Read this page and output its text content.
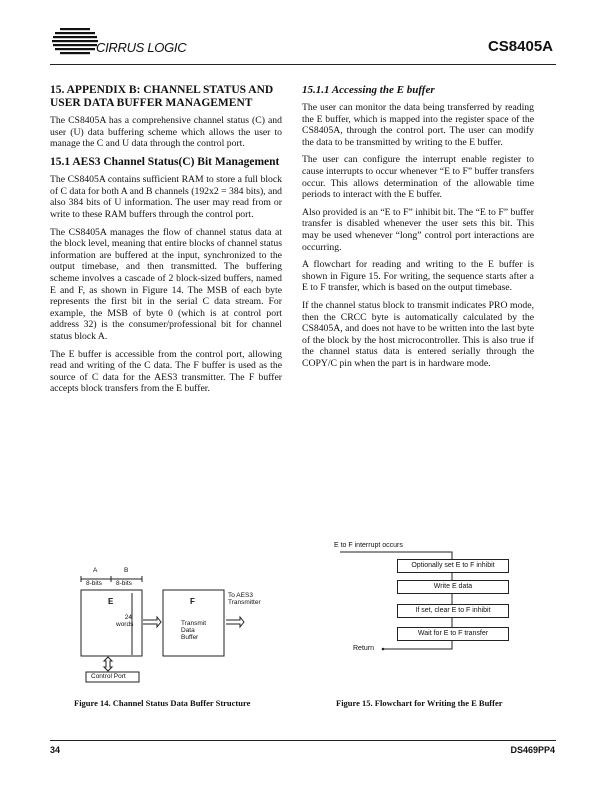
CIRRUS LOGIC	CS8405A
15. APPENDIX B: CHANNEL STATUS AND USER DATA BUFFER MANAGEMENT

The CS8405A has a comprehensive channel status (C) and user (U) data buffering scheme which allows the user to manage the C and U data through the control port.

15.1 AES3 Channel Status(C) Bit Management

The CS8405A contains sufficient RAM to store a full block of C data for both A and B channels (192x2 = 384 bits), and also 384 bits of U information. The user may read from or write to these RAM buffers through the control port.

The CS8405A manages the flow of channel status data at the block level, meaning that entire blocks of channel status information are buffered at the input, synchronized to the output timebase, and then transmitted. The buffering scheme involves a cascade of 2 block-sized buffers, named E and F, as shown in Figure 14. The MSB of each byte represents the first bit in the serial C data stream. For example, the MSB of byte 0 (which is at control port address 32) is the consumer/professional bit for channel status block A.

The E buffer is accessible from the control port, allowing read and writing of the C data. The F buffer is used as the source of C data for the AES3 transmitter. The F buffer accepts block transfers from the E buffer.

15.1.1 Accessing the E buffer

The user can monitor the data being transferred by reading the E buffer, which is mapped into the register space of the CS8405A, through the control port. The user can modify the data to be transmitted by writing to the E buffer.

The user can configure the interrupt enable register to cause interrupts to occur whenever “E to F” buffer transfers occur. This allows determination of the allowable time periods to interact with the E buffer.

Also provided is an “E to F” inhibit bit. The “E to F” buffer transfer is disabled whenever the user sets this bit. This may be used whenever “long” control port interactions are occurring.

A flowchart for reading and writing to the E buffer is shown in Figure 15. For writing, the sequence starts after a E to F transfer, which is based on the output timebase.

If the channel status block to transmit indicates PRO mode, then the CRCC byte is automatically calculated by the CS8405A, and does not have to be written into the last byte of the block by the host microcontroller. This is also true if the channel status data is entered serially through the COPY/C pin when the part is in hardware mode.

A	B
8-bits 8-bits
E
24 words
F
Transmit Data Buffer
To AES3 Transmitter
Control Port
Figure 14. Channel Status Data Buffer Structure
E to F interrupt occurs
Optionally set E to F inhibit
Write E data
If set, clear E to F inhibit
Wait for E to F transfer
Return
Figure 15. Flowchart for Writing the E Buffer
34	DS469PP4
